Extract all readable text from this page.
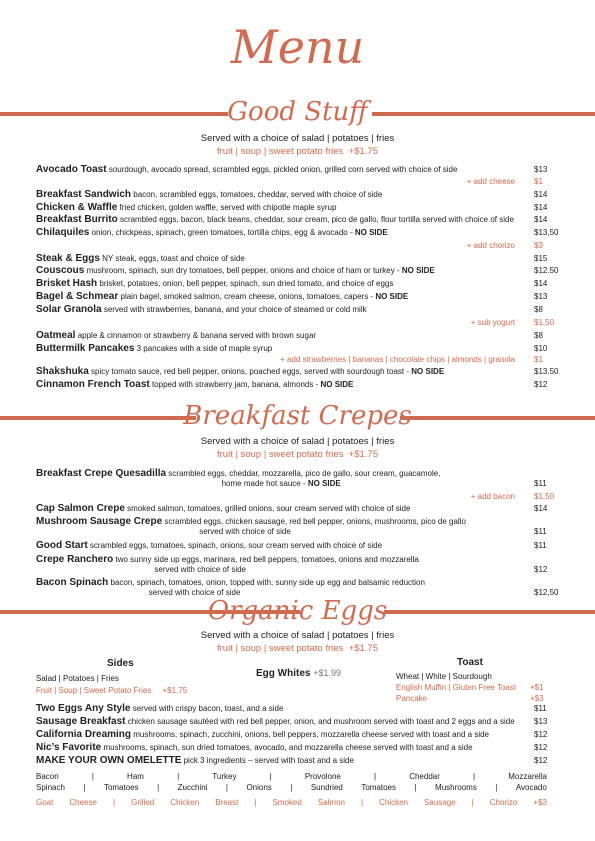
Menu
Good Stuff
Served with a choice of salad | potatoes | fries
fruit | soup | sweet potato fries +$1.75
Avocado Toast sourdough, avocado spread, scrambled eggs, pickled onion, grilled corn served with choice of side	$13
+ add cheese $1
Breakfast Sandwich bacon, scrambled eggs, tomatoes, cheddar, served with choice of side	$14
Chicken & Waffle fried chicken, golden waffle, served with chipotle maple syrup	$14
Breakfast Burrito scrambled eggs, bacon, black beans, cheddar, sour cream, pico de gallo, flour tortilla served with choice of side	$14
Chilaquiles onion, chickpeas, spinach, green tomatoes, tortilla chips, egg & avocado - NO SIDE	$13,50
+ add chorizo $3
Steak & Eggs NY steak, eggs, toast and choice of side	$15
Couscous mushroom, spinach, sun dry tomatoes, bell pepper, onions and choice of ham or turkey - NO SIDE	$12.50
Brisket Hash brisket, potatoes, onion, bell pepper, spinach, sun dried tomato, and choice of eggs	$14
Bagel & Schmear plain bagel, smoked salmon, cream cheese, onions, tomatoes, capers - NO SIDE	$13
Solar Granola served with strawberries, banana, and your choice of steamed or cold milk	$8
+ sub yogurt $1,50
Oatmeal apple & cinnamon or strawberry & banana served with brown sugar	$8
Buttermilk Pancakes 3 pancakes with a side of maple syrup	$10
+ add strawberries | bananas | chocolate chips | almonds | granola $1
Shakshuka spicy tomato sauce, red bell pepper, onions, poached eggs, served with sourdough toast - NO SIDE	$13.50
Cinnamon French Toast topped with strawberry jam, banana, almonds - NO SIDE	$12
Breakfast Crepes
Served with a choice of salad | potatoes | fries
fruit | soup | sweet potato fries +$1.75
Breakfast Crepe Quesadilla scrambled eggs, cheddar, mozzarella, pico de gallo, sour cream, guacamole,
home made hot sauce - NO SIDE	$11
+ add bacon $1,50
Cap Salmon Crepe smoked salmon, tomatoes, grilled onions, sour cream served with choice of side	$14
Mushroom Sausage Crepe scrambled eggs, chicken sausage, red bell pepper, onions, mushrooms, pico de gallo
served with choice of side	$11
Good Start scrambled eggs, tomatoes, spinach, onions, sour cream served with choice of side	$11
Crepe Ranchero two sunny side up eggs, marinara, red bell peppers, tomatoes, onions and mozzarella
served with choice of side	$12
Bacon Spinach bacon, spinach, tomatoes, onion, topped with, sunny side up egg and balsamic reduction
served with choice of side	$12,50
Organic Eggs
Served with a choice of salad | potatoes | fries
fruit | soup | sweet potato fries +$1.75
Sides
Salad | Potatoes | Fries
Fruit | Soup | Sweet Potato Fries +$1.75
Egg Whites +$1.99
Toast
Wheat | White | Sourdough
English Muffin | Gluten Free Toast +$1
Pancake	+$3
Two Eggs Any Style served with crispy bacon, toast, and a side	$11
Sausage Breakfast chicken sausage sautéed with red bell pepper, onion, and mushroom served with toast and 2 eggs and a side	$13
California Dreaming mushrooms, spinach, zucchini, onions, bell peppers, mozzarella cheese served with toast and a side	$12
Nic’s Favorite mushrooms, spinach, sun dried tomatoes, avocado, and mozzarella cheese served with toast and a side	$12
MAKE YOUR OWN OMELETTE pick 3 ingredients – served with toast and a side	$12
Bacon	|	Ham	|	Turkey	|	Provolone	|	Cheddar	|	Mozzarella
Spinach | Tomatoes | Zucchini | Onions | Sundried Tomatoes | Mushrooms | Avocado
Goat Cheese | Grilled Chicken Breast | Smoked Salmon | Chicken Sausage | Chorizo +$3
